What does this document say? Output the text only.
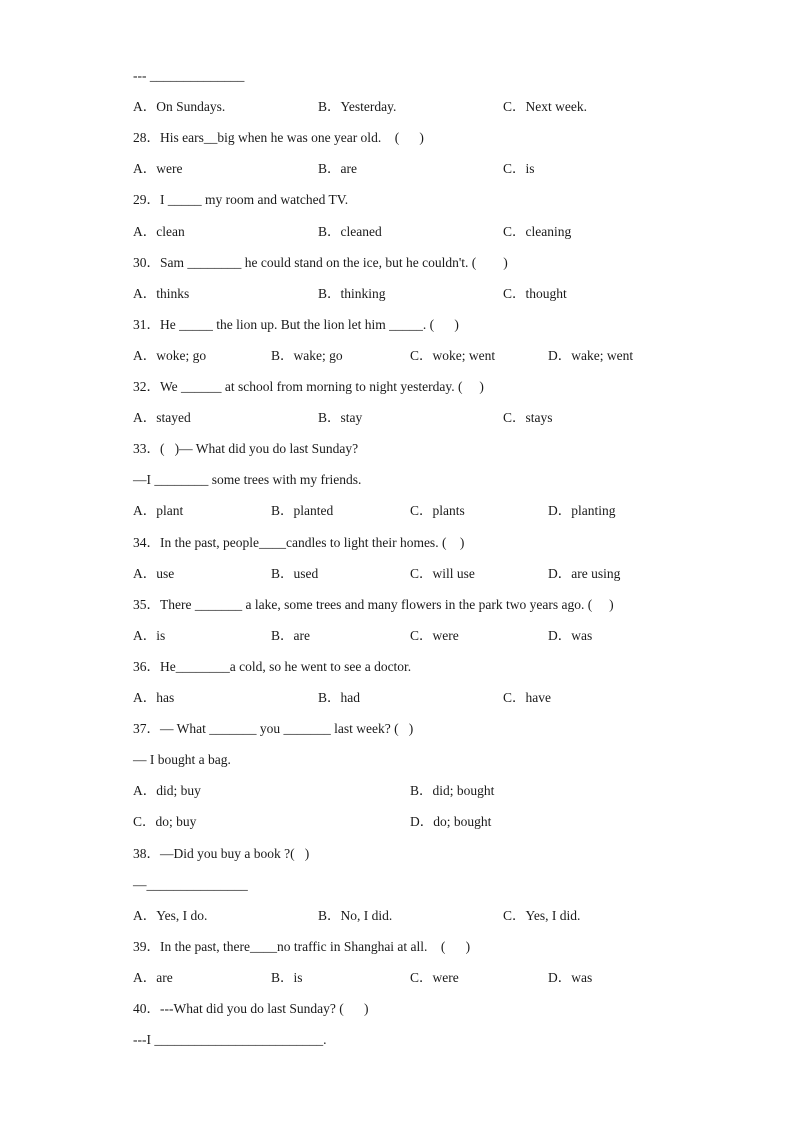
--- ______________
A．On Sundays.	B．Yesterday.	C．Next week.
28．His ears__big when he was one year old.    (      )
A．were	B．are	C．is
29．I _____ my room and watched TV.
A．clean	B．cleaned	C．cleaning
30．Sam ________ he could stand on the ice, but he couldn't. (        )
A．thinks	B．thinking	C．thought
31．He _____ the lion up. But the lion let him _____. (      )
A．woke; go	B．wake; go	C．woke; went	D．wake; went
32．We ______ at school from morning to night yesterday. (     )
A．stayed	B．stay	C．stays
33．(   )— What did you do last Sunday?
—I ________ some trees with my friends.
A．plant	B．planted	C．plants	D．planting
34．In the past, people____candles to light their homes. (    )
A．use	B．used	C．will use	D．are using
35．There _______ a lake, some trees and many flowers in the park two years ago. (     )
A．is	B．are	C．were	D．was
36．He________a cold, so he went to see a doctor.
A．has	B．had	C．have
37．— What _______ you _______ last week? (   )
— I bought a bag.
A．did; buy	B．did; bought
C．do; buy	D．do; bought
38．—Did you buy a book ?(   )
—_______________
A．Yes, I do.	B．No, I did.	C．Yes, I did.
39．In the past, there____no traffic in Shanghai at all.    (      )
A．are	B．is	C．were	D．was
40．---What did you do last Sunday? (      )
---I _________________________.
